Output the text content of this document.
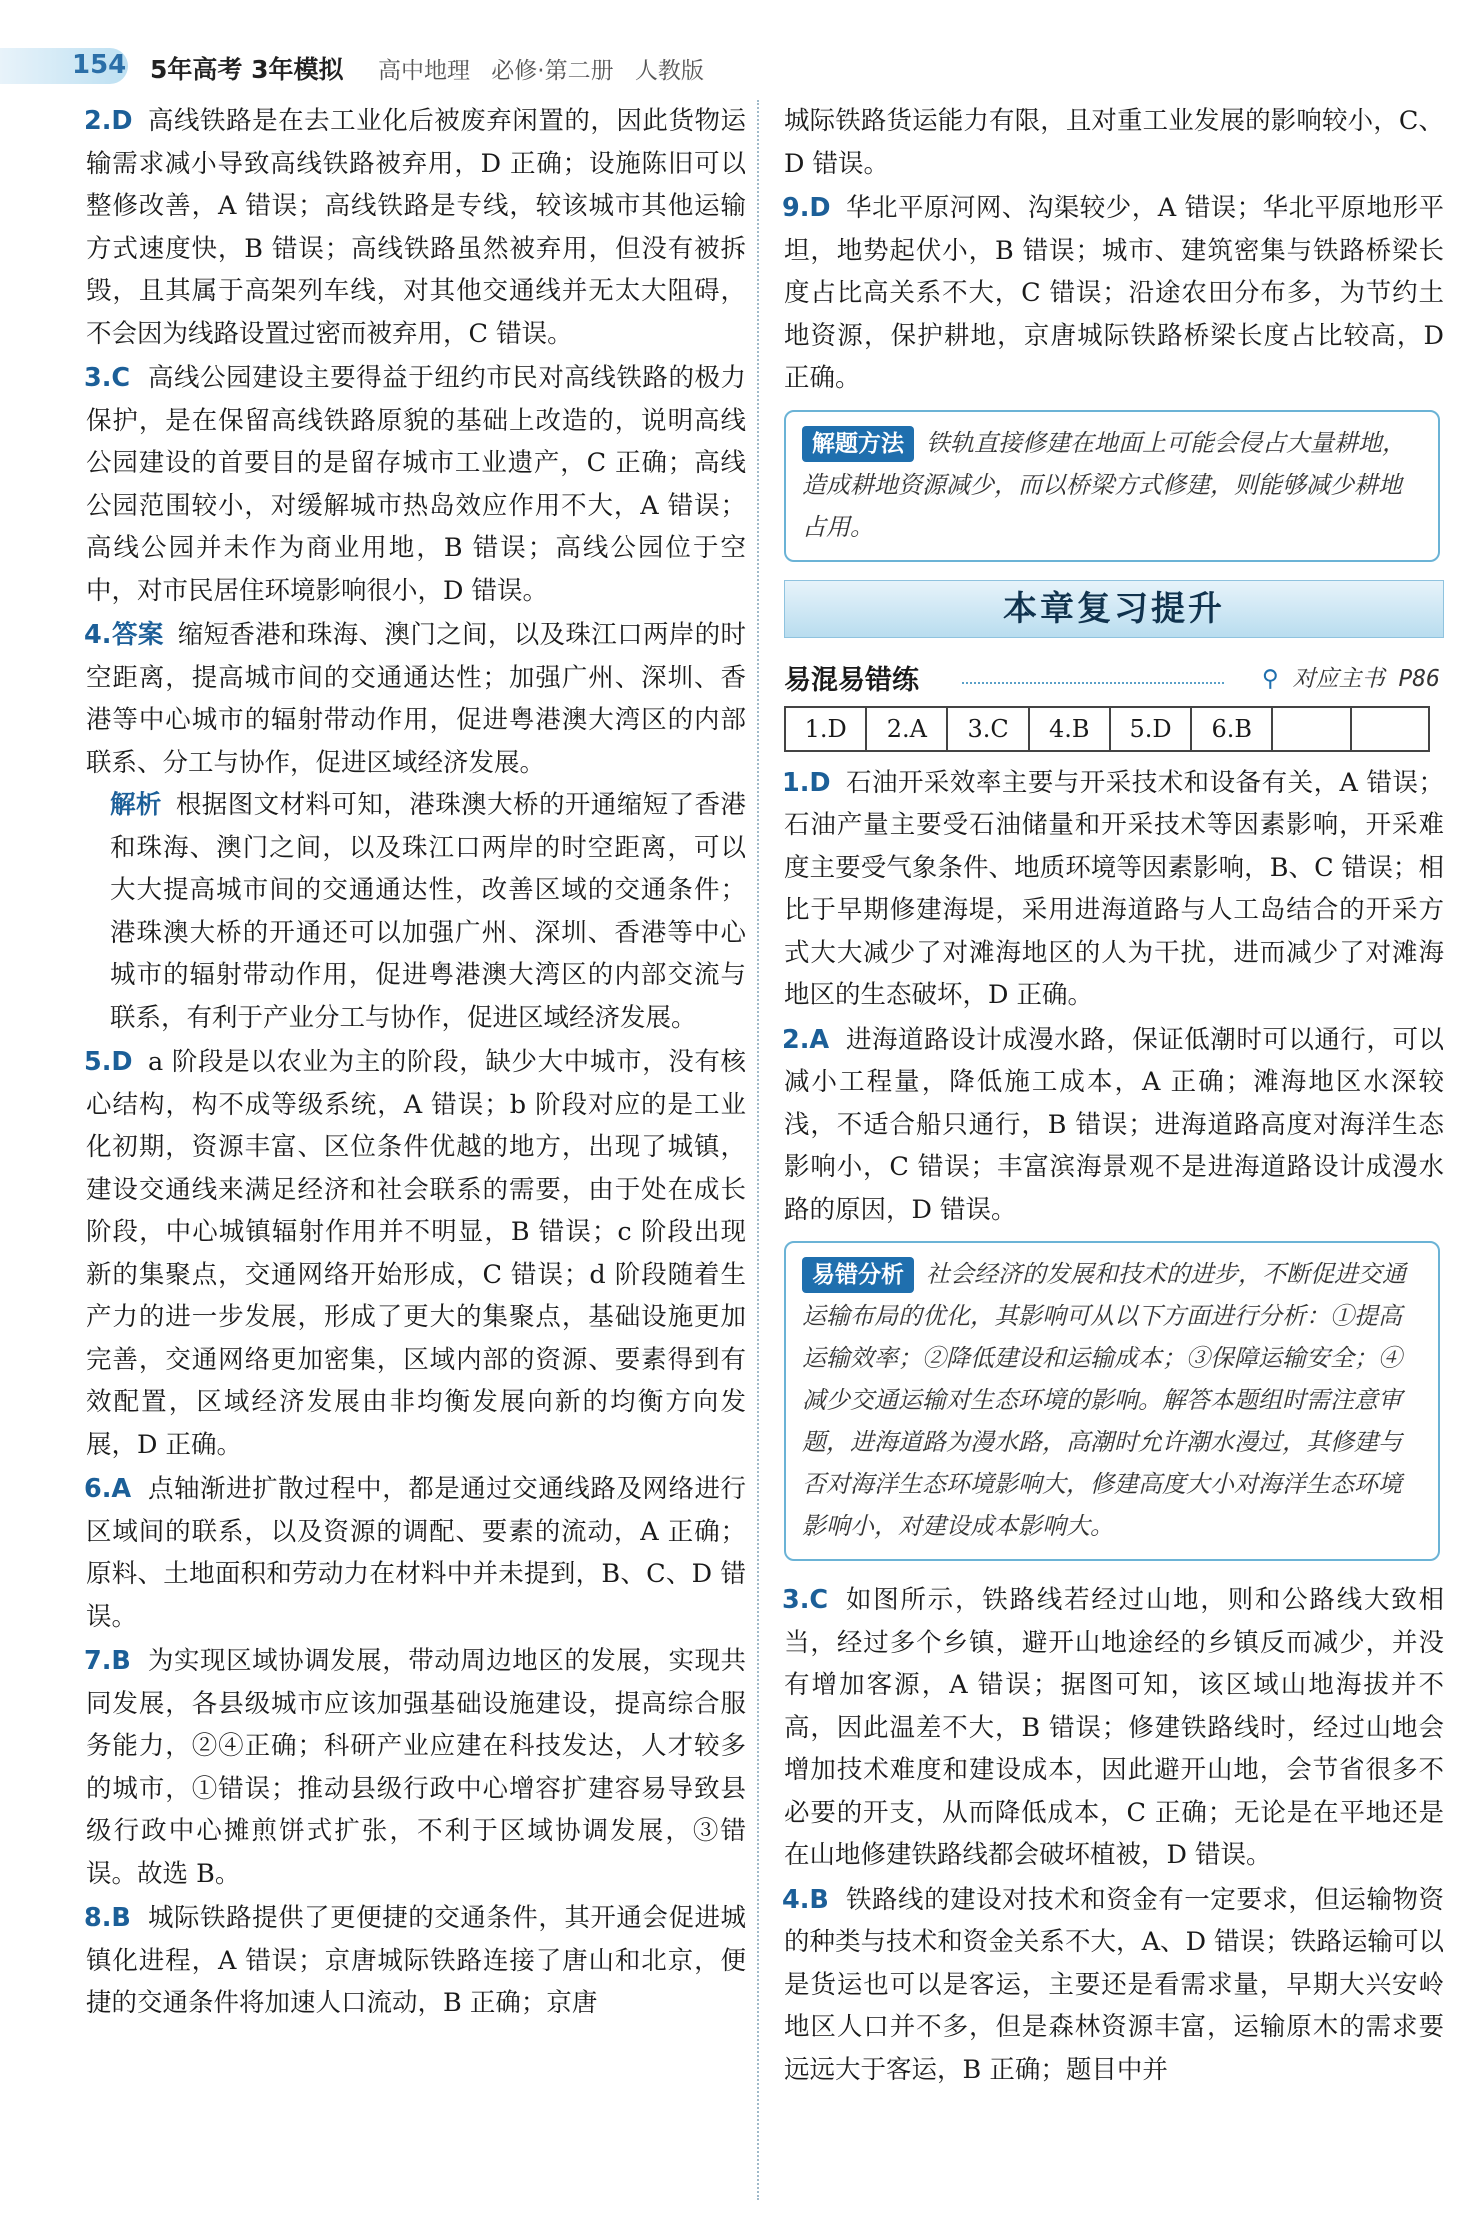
154 5年高考 3年模拟 高中地理 必修·第二册 人教版
2.D 高线铁路是在去工业化后被废弃闲置的，因此货物运输需求减小导致高线铁路被弃用，D 正确；设施陈旧可以整修改善，A 错误；高线铁路是专线，较该城市其他运输方式速度快，B 错误；高线铁路虽然被弃用，但没有被拆毁，且其属于高架列车线，对其他交通线并无太大阻碍，不会因为线路设置过密而被弃用，C 错误。
3.C 高线公园建设主要得益于纽约市民对高线铁路的极力保护，是在保留高线铁路原貌的基础上改造的，说明高线公园建设的首要目的是留存城市工业遗产，C 正确；高线公园范围较小，对缓解城市热岛效应作用不大，A 错误；高线公园并未作为商业用地，B 错误；高线公园位于空中，对市民居住环境影响很小，D 错误。
4. 答案 缩短香港和珠海、澳门之间，以及珠江口两岸的时空距离，提高城市间的交通通达性；加强广州、深圳、香港等中心城市的辐射带动作用，促进粤港澳大湾区的内部联系、分工与协作，促进区域经济发展。
解析 根据图文材料可知，港珠澳大桥的开通缩短了香港和珠海、澳门之间，以及珠江口两岸的时空距离，可以大大提高城市间的交通通达性，改善区域的交通条件；港珠澳大桥的开通还可以加强广州、深圳、香港等中心城市的辐射带动作用，促进粤港澳大湾区的内部交流与联系，有利于产业分工与协作，促进区域经济发展。
5.D a 阶段是以农业为主的阶段，缺少大中城市，没有核心结构，构不成等级系统，A 错误；b 阶段对应的是工业化初期，资源丰富、区位条件优越的地方，出现了城镇，建设交通线来满足经济和社会联系的需要，由于处在成长阶段，中心城镇辐射作用并不明显，B 错误；c 阶段出现新的集聚点，交通网络开始形成，C 错误；d 阶段随着生产力的进一步发展，形成了更大的集聚点，基础设施更加完善，交通网络更加密集，区域内部的资源、要素得到有效配置，区域经济发展由非均衡发展向新的均衡方向发展，D 正确。
6.A 点轴渐进扩散过程中，都是通过交通线路及网络进行区域间的联系，以及资源的调配、要素的流动，A 正确；原料、土地面积和劳动力在材料中并未提到，B、C、D 错误。
7.B 为实现区域协调发展，带动周边地区的发展，实现共同发展，各县级城市应该加强基础设施建设，提高综合服务能力，②④正确；科研产业应建在科技发达，人才较多的城市，①错误；推动县级行政中心增容扩建容易导致县级行政中心摊煎饼式扩张，不利于区域协调发展，③错误。故选 B。
8.B 城际铁路提供了更便捷的交通条件，其开通会促进城镇化进程，A 错误；京唐城际铁路连接了唐山和北京，便捷的交通条件将加速人口流动，B 正确；京唐
城际铁路货运能力有限，且对重工业发展的影响较小，C、D 错误。
9.D 华北平原河网、沟渠较少，A 错误；华北平原地形平坦，地势起伏小，B 错误；城市、建筑密集与铁路桥梁长度占比高关系不大，C 错误；沿途农田分布多，为节约土地资源，保护耕地，京唐城际铁路桥梁长度占比较高，D 正确。
解题方法 铁轨直接修建在地面上可能会侵占大量耕地，造成耕地资源减少，而以桥梁方式修建，则能够减少耕地占用。
本章复习提升
易混易错练	⚲ 对应主书 P86
1.D	2.A	3.C	4.B	5.D	6.B		
1.D 石油开采效率主要与开采技术和设备有关，A 错误；石油产量主要受石油储量和开采技术等因素影响，开采难度主要受气象条件、地质环境等因素影响，B、C 错误；相比于早期修建海堤，采用进海道路与人工岛结合的开采方式大大减少了对滩海地区的人为干扰，进而减少了对滩海地区的生态破坏，D 正确。
2.A 进海道路设计成漫水路，保证低潮时可以通行，可以减小工程量，降低施工成本，A 正确；滩海地区水深较浅，不适合船只通行，B 错误；进海道路高度对海洋生态影响小，C 错误；丰富滨海景观不是进海道路设计成漫水路的原因，D 错误。
易错分析 社会经济的发展和技术的进步，不断促进交通运输布局的优化，其影响可从以下方面进行分析：①提高运输效率；②降低建设和运输成本；③保障运输安全；④减少交通运输对生态环境的影响。解答本题组时需注意审题，进海道路为漫水路，高潮时允许潮水漫过，其修建与否对海洋生态环境影响大，修建高度大小对海洋生态环境影响小，对建设成本影响大。
3.C 如图所示，铁路线若经过山地，则和公路线大致相当，经过多个乡镇，避开山地途经的乡镇反而减少，并没有增加客源，A 错误；据图可知，该区域山地海拔并不高，因此温差不大，B 错误；修建铁路线时，经过山地会增加技术难度和建设成本，因此避开山地，会节省很多不必要的开支，从而降低成本，C 正确；无论是在平地还是在山地修建铁路线都会破坏植被，D 错误。
4.B 铁路线的建设对技术和资金有一定要求，但运输物资的种类与技术和资金关系不大，A、D 错误；铁路运输可以是货运也可以是客运，主要还是看需求量，早期大兴安岭地区人口并不多，但是森林资源丰富，运输原木的需求要远远大于客运，B 正确；题目中并
